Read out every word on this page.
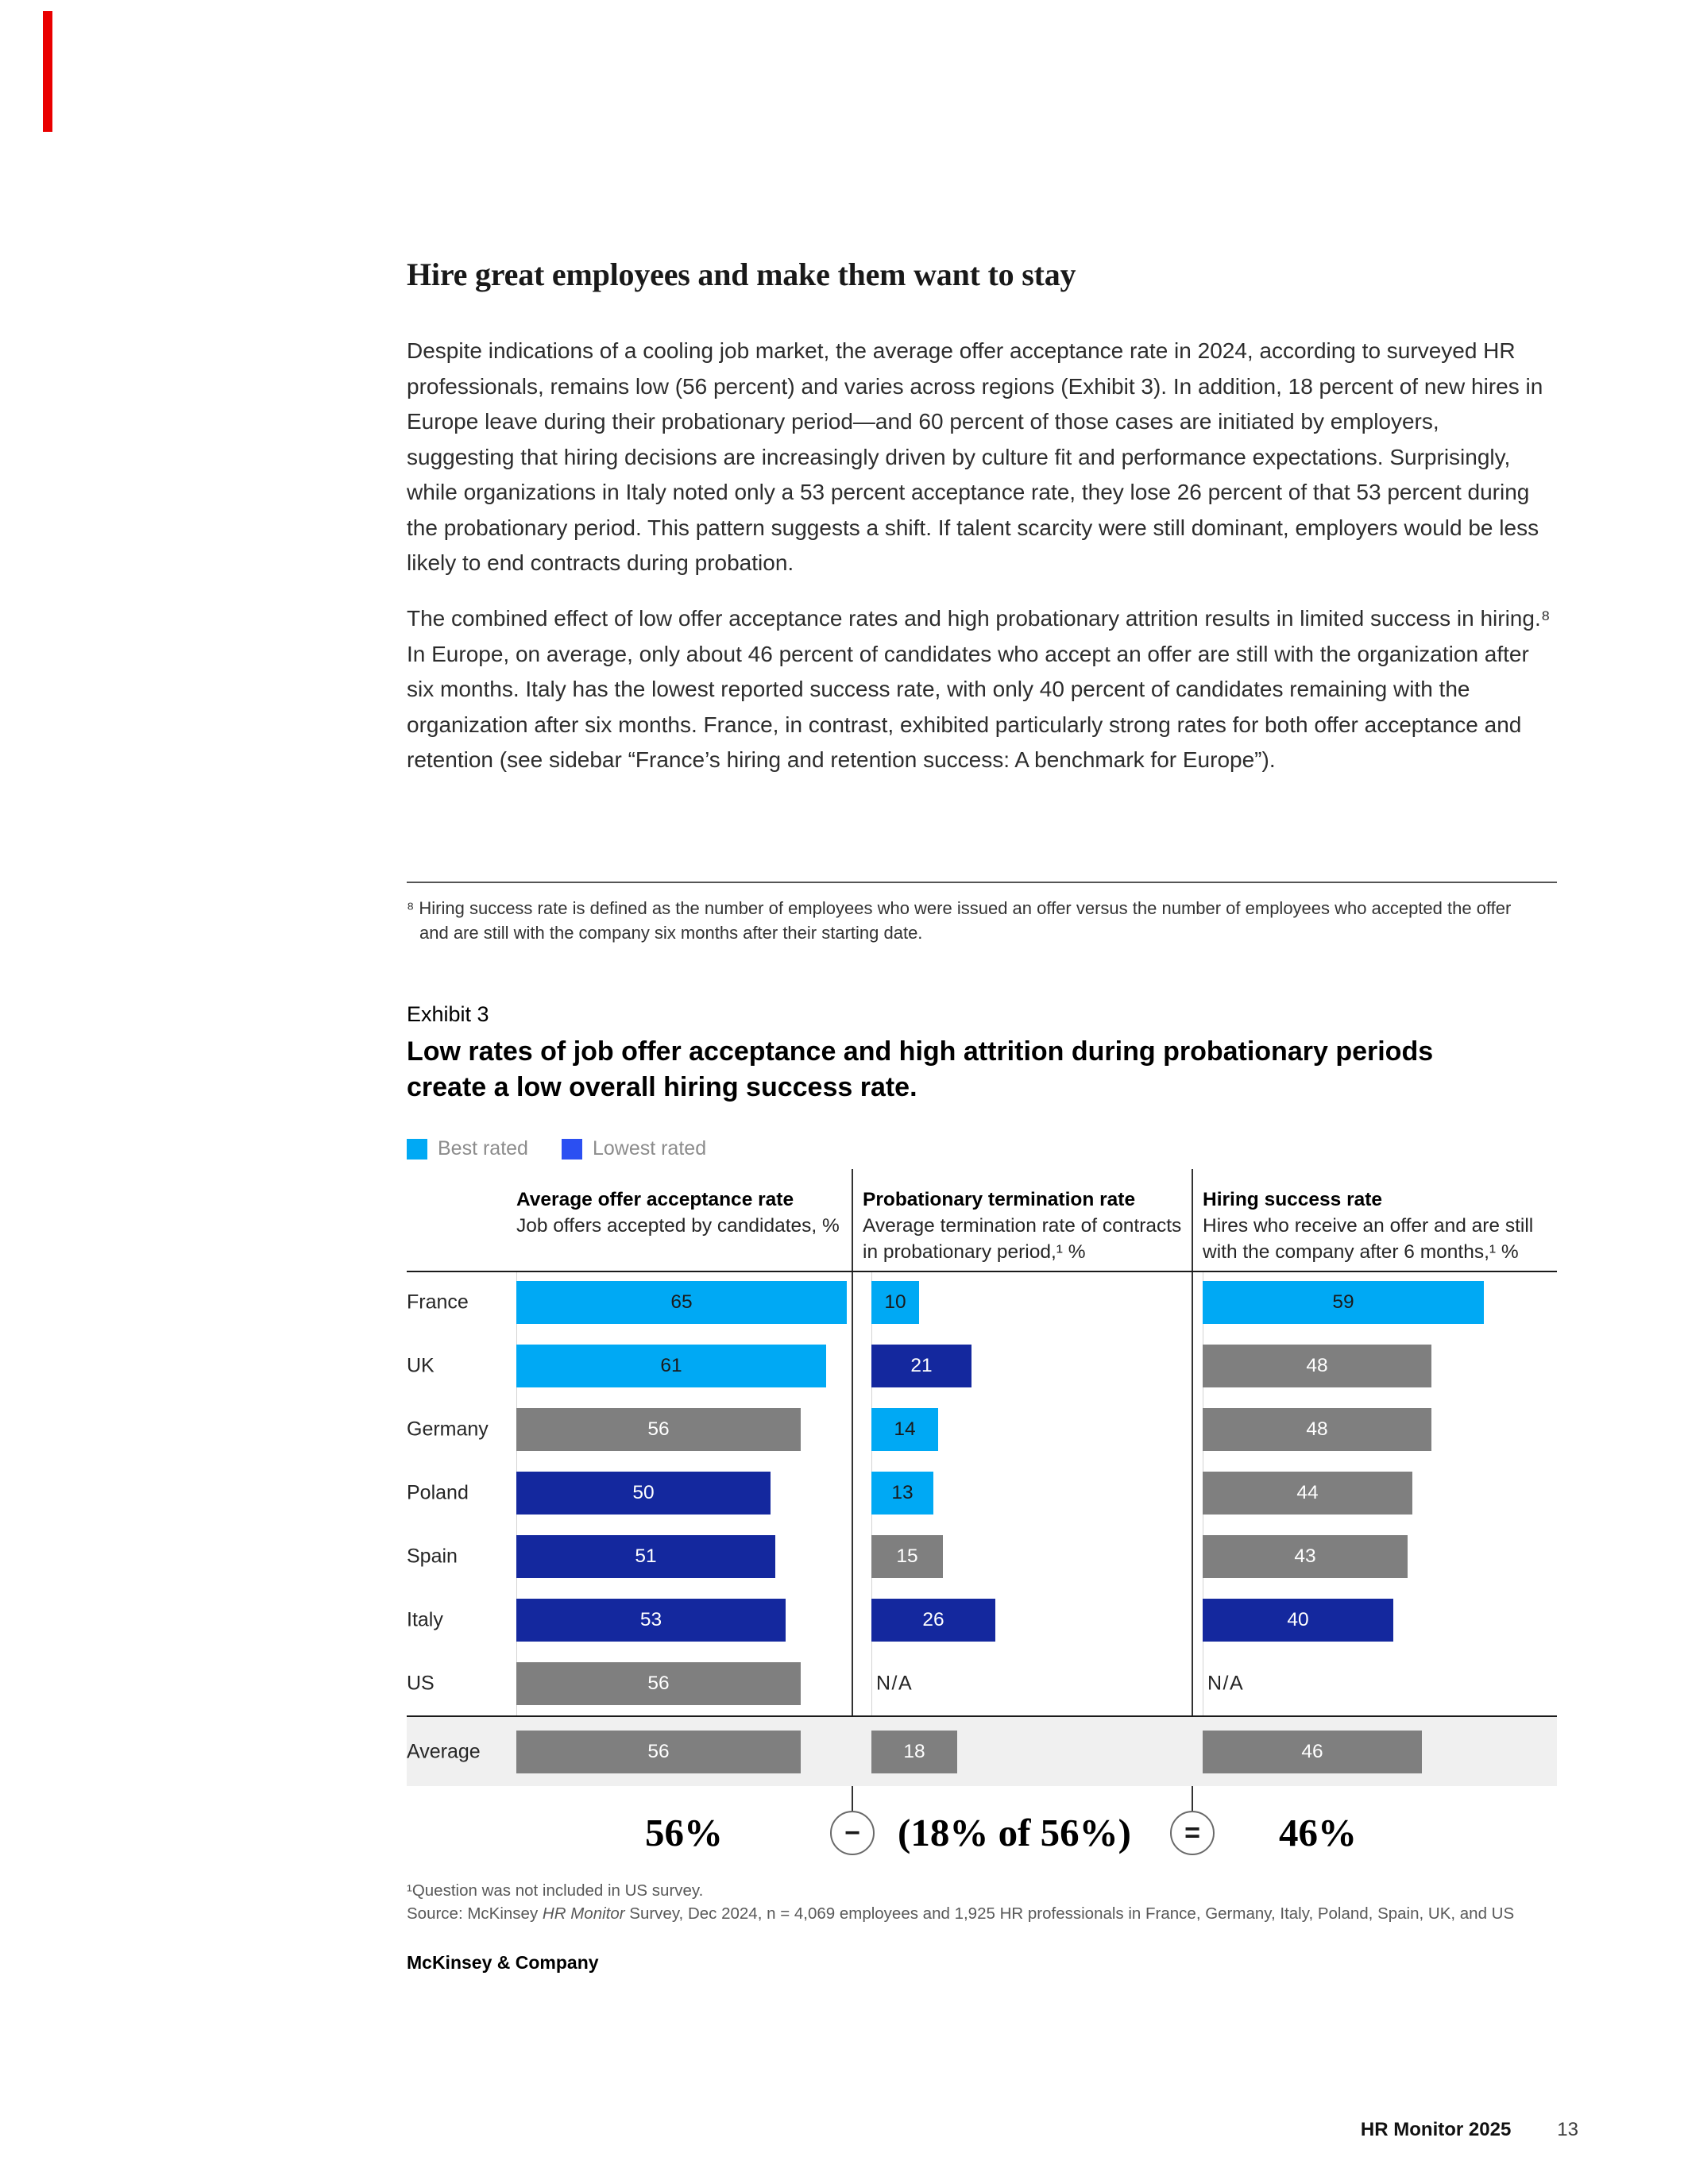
Hire great employees and make them want to stay

Despite indications of a cooling job market, the average offer acceptance rate in 2024, according to surveyed HR professionals, remains low (56 percent) and varies across regions (Exhibit 3). In addition, 18 percent of new hires in Europe leave during their probationary period—and 60 percent of those cases are initiated by employers, suggesting that hiring decisions are increasingly driven by culture fit and performance expectations. Surprisingly, while organizations in Italy noted only a 53 percent acceptance rate, they lose 26 percent of that 53 percent during the probationary period. This pattern suggests a shift. If talent scarcity were still dominant, employers would be less likely to end contracts during probation.

The combined effect of low offer acceptance rates and high probationary attrition results in limited success in hiring.⁸ In Europe, on average, only about 46 percent of candidates who accept an offer are still with the organization after six months. Italy has the lowest reported success rate, with only 40 percent of candidates remaining with the organization after six months. France, in contrast, exhibited particularly strong rates for both offer acceptance and retention (see sidebar “France’s hiring and retention success: A benchmark for Europe”).

⁸ Hiring success rate is defined as the number of employees who were issued an offer versus the number of employees who accepted the offer and are still with the company six months after their starting date.

Exhibit 3
Low rates of job offer acceptance and high attrition during probationary periods create a low overall hiring success rate.
Best rated	Lowest rated
Average offer acceptance rate
Job offers accepted by candidates, %
Probationary termination rate
Average termination rate of contracts in probationary period,¹ %
Hiring success rate
Hires who receive an offer and are still with the company after 6 months,¹ %
France	65	10	59
UK	61	21	48
Germany	56	14	48
Poland	50	13	44
Spain	51	15	43
Italy	53	26	40
US	56	N/A	N/A
Average	56	18	46
56%	− (18% of 56%)	=	46%
¹Question was not included in US survey.
Source: McKinsey HR Monitor Survey, Dec 2024, n = 4,069 employees and 1,925 HR professionals in France, Germany, Italy, Poland, Spain, UK, and US
McKinsey & Company
HR Monitor 2025 13
